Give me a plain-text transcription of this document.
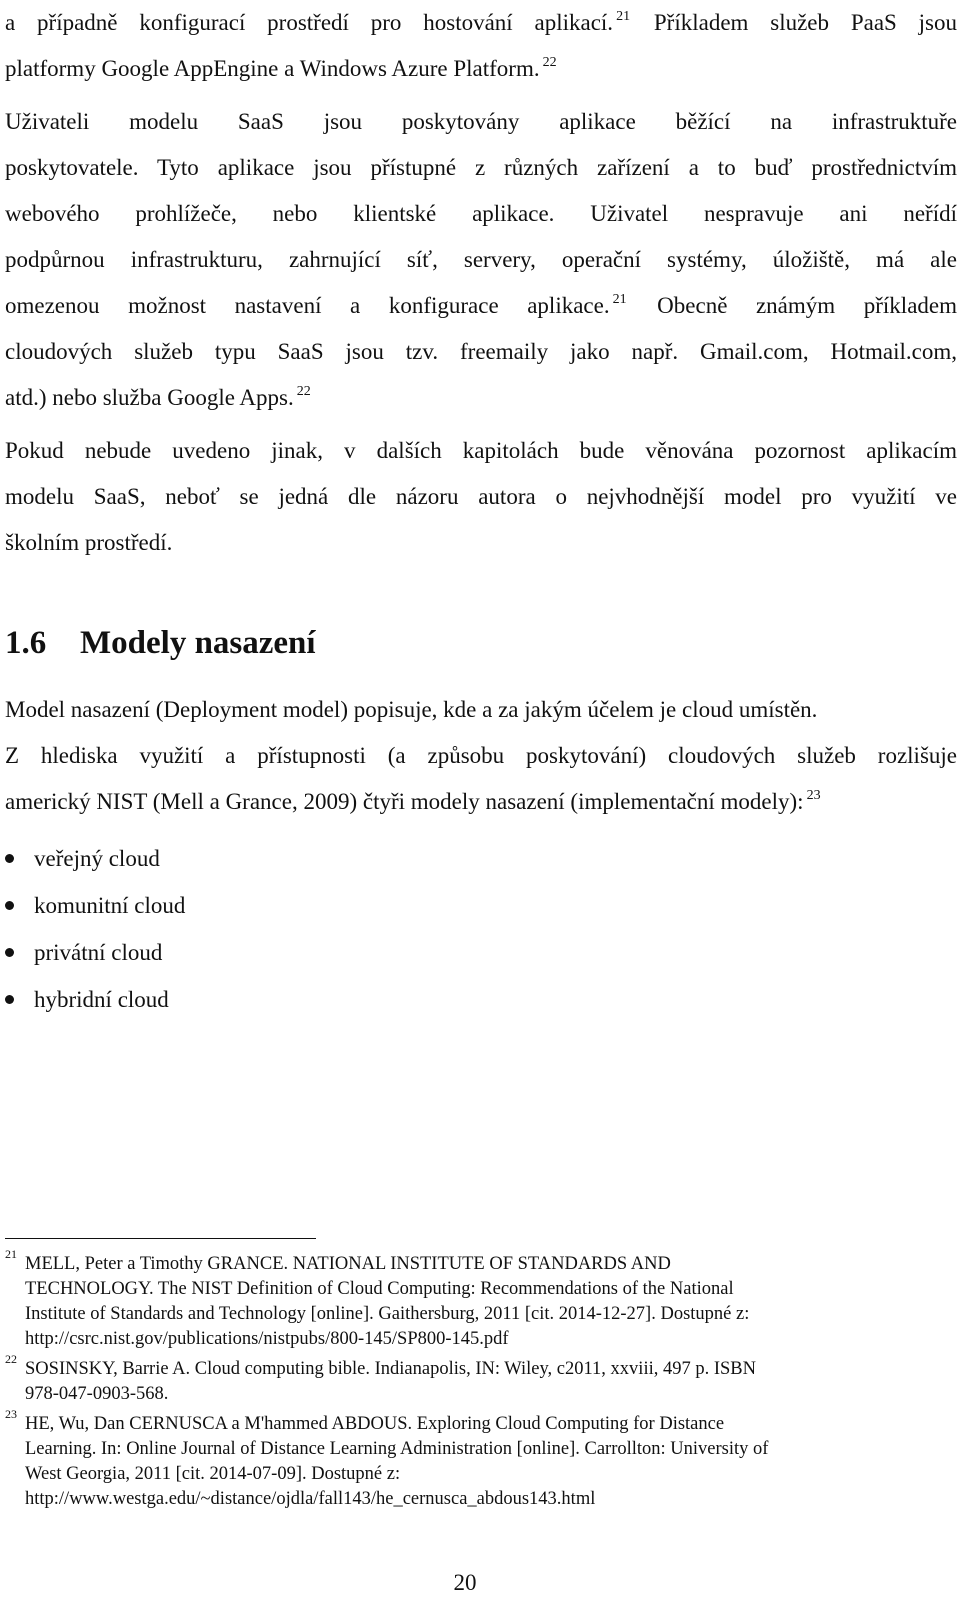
a případně konfigurací prostředí pro hostování aplikací. $^{21}$ Příkladem služeb PaaS jsou
platformy Google AppEngine a Windows Azure Platform. $^{22}$
Uživateli modelu SaaS jsou poskytovány aplikace běžící na infrastruktuře
poskytovatele. Tyto aplikace jsou přístupné z různých zařízení a to buď prostřednictvím
webového prohlížeče, nebo klientské aplikace. Uživatel nespravuje ani neřídí
podpůrnou infrastrukturu, zahrnující síť, servery, operační systémy, úložiště, má ale
omezenou možnost nastavení a konfigurace aplikace. $^{21}$ Obecně známým příkladem
cloudových služeb typu SaaS jsou tzv. freemaily jako např. Gmail.com, Hotmail.com,
atd.) nebo služba Google Apps. $^{22}$
Pokud nebude uvedeno jinak, v dalších kapitolách bude věnována pozornost aplikacím
modelu SaaS, neboť se jedná dle názoru autora o nejvhodnější model pro využití ve
školním prostředí.
1.6 Modely nasazení
Model nasazení (Deployment model) popisuje, kde a za jakým účelem je cloud umístěn.
Z hlediska využití a přístupnosti (a způsobu poskytování) cloudových služeb rozlišuje
americký NIST (Mell a Grance, 2009) čtyři modely nasazení (implementační modely): $^{23}$
veřejný cloud
komunitní cloud
privátní cloud
hybridní cloud
21 MELL, Peter a Timothy GRANCE. NATIONAL INSTITUTE OF STANDARDS AND
TECHNOLOGY. The NIST Definition of Cloud Computing: Recommendations of the National
Institute of Standards and Technology [online]. Gaithersburg, 2011 [cit. 2014-12-27]. Dostupné z:
http://csrc.nist.gov/publications/nistpubs/800-145/SP800-145.pdf
22 SOSINSKY, Barrie A. Cloud computing bible. Indianapolis, IN: Wiley, c2011, xxviii, 497 p. ISBN
978-047-0903-568.
23 HE, Wu, Dan CERNUSCA a M'hammed ABDOUS. Exploring Cloud Computing for Distance
Learning. In: Online Journal of Distance Learning Administration [online]. Carrollton: University of
West Georgia, 2011 [cit. 2014-07-09]. Dostupné z:
http://www.westga.edu/~distance/ojdla/fall143/he_cernusca_abdous143.html
20
